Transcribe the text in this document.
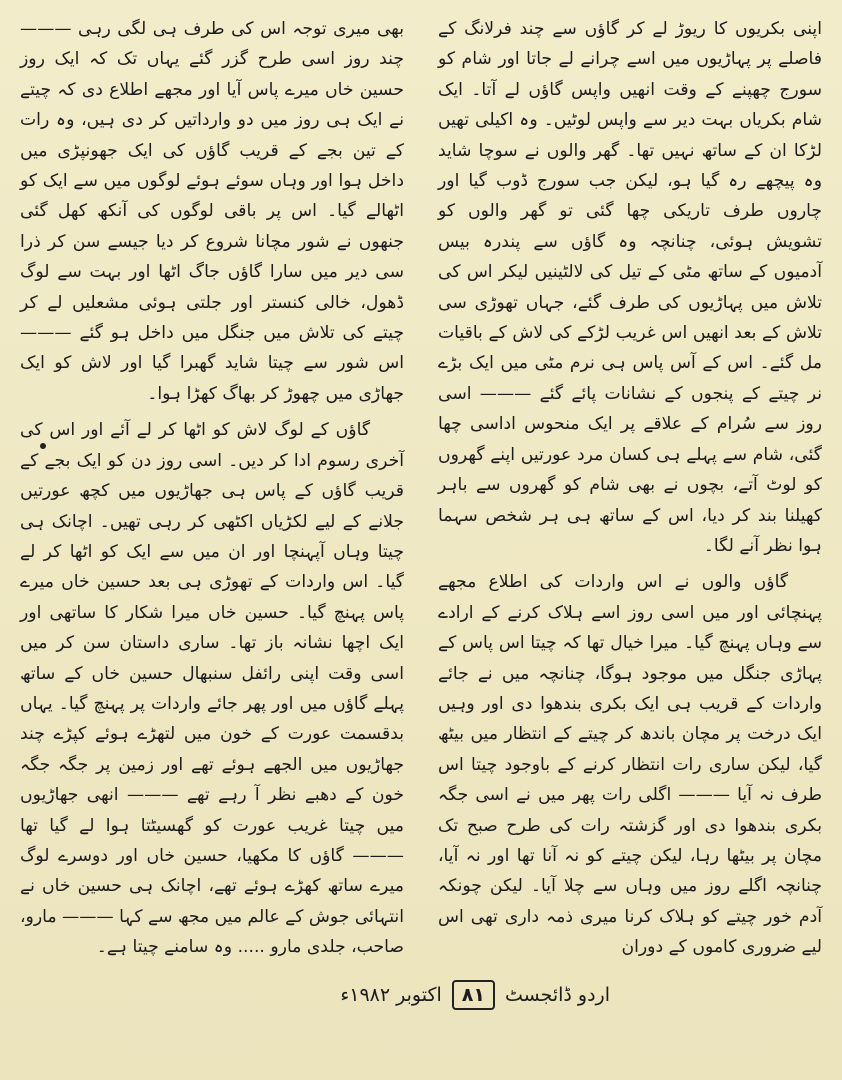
اپنی بکریوں کا ریوڑ لے کر گاؤں سے چند فرلانگ کے فاصلے پر پہاڑیوں میں اسے چرانے لے جاتا اور شام کو سورج چھپنے کے وقت انھیں واپس گاؤں لے آتا۔ ایک شام بکریاں بہت دیر سے واپس لوٹیں۔ وہ اکیلی تھیں لڑکا ان کے ساتھ نہیں تھا۔ گھر والوں نے سوچا شاید وہ پیچھے رہ گیا ہو، لیکن جب سورج ڈوب گیا اور چاروں طرف تاریکی چھا گئی تو گھر والوں کو تشویش ہوئی، چنانچہ وہ گاؤں سے پندرہ بیس آدمیوں کے ساتھ مٹی کے تیل کی لالٹینیں لیکر اس کی تلاش میں پہاڑیوں کی طرف گئے، جہاں تھوڑی سی تلاش کے بعد انھیں اس غریب لڑکے کی لاش کے باقیات مل گئے۔ اس کے آس پاس ہی نرم مٹی میں ایک بڑے نر چیتے کے پنجوں کے نشانات پائے گئے ——— اسی روز سے سُرام کے علاقے پر ایک منحوس اداسی چھا گئی، شام سے پہلے ہی کسان مرد عورتیں اپنے گھروں کو لوٹ آتے، بچوں نے بھی شام کو گھروں سے باہر کھیلنا بند کر دیا، اس کے ساتھ ہی ہر شخص سہما ہوا نظر آنے لگا۔

گاؤں والوں نے اس واردات کی اطلاع مجھے پہنچائی اور میں اسی روز اسے ہلاک کرنے کے ارادے سے وہاں پہنچ گیا۔ میرا خیال تھا کہ چیتا اس پاس کے پہاڑی جنگل میں موجود ہوگا، چنانچہ میں نے جائے واردات کے قریب ہی ایک بکری بندھوا دی اور وہیں ایک درخت پر مچان باندھ کر چیتے کے انتظار میں بیٹھ گیا، لیکن ساری رات انتظار کرنے کے باوجود چیتا اس طرف نہ آیا ——— اگلی رات پھر میں نے اسی جگہ بکری بندھوا دی اور گزشتہ رات کی طرح صبح تک مچان پر بیٹھا رہا، لیکن چیتے کو نہ آنا تھا اور نہ آیا، چنانچہ اگلے روز میں وہاں سے چلا آیا۔ لیکن چونکہ آدم خور چیتے کو ہلاک کرنا میری ذمہ داری تھی اس لیے ضروری کاموں کے دوران

بھی میری توجہ اس کی طرف ہی لگی رہی ——— چند روز اسی طرح گزر گئے یہاں تک کہ ایک روز حسین خاں میرے پاس آیا اور مجھے اطلاع دی کہ چیتے نے ایک ہی روز میں دو وارداتیں کر دی ہیں، وہ رات کے تین بجے کے قریب گاؤں کی ایک جھونپڑی میں داخل ہوا اور وہاں سوئے ہوئے لوگوں میں سے ایک کو اٹھالے گیا۔ اس پر باقی لوگوں کی آنکھ کھل گئی جنھوں نے شور مچانا شروع کر دیا جیسے سن کر ذرا سی دیر میں سارا گاؤں جاگ اٹھا اور بہت سے لوگ ڈھول، خالی کنستر اور جلتی ہوئی مشعلیں لے کر چیتے کی تلاش میں جنگل میں داخل ہو گئے ——— اس شور سے چیتا شاید گھبرا گیا اور لاش کو ایک جھاڑی میں چھوڑ کر بھاگ کھڑا ہوا۔

گاؤں کے لوگ لاش کو اٹھا کر لے آئے اور اس کی آخری رسوم ادا کر دیں۔ اسی روز دن کو ایک بجے کے قریب گاؤں کے پاس ہی جھاڑیوں میں کچھ عورتیں جلانے کے لیے لکڑیاں اکٹھی کر رہی تھیں۔ اچانک ہی چیتا وہاں آپہنچا اور ان میں سے ایک کو اٹھا کر لے گیا۔ اس واردات کے تھوڑی ہی بعد حسین خاں میرے پاس پہنچ گیا۔ حسین خاں میرا شکار کا ساتھی اور ایک اچھا نشانہ باز تھا۔ ساری داستان سن کر میں اسی وقت اپنی رائفل سنبھال حسین خاں کے ساتھ پہلے گاؤں میں اور پھر جائے واردات پر پہنچ گیا۔ یہاں بدقسمت عورت کے خون میں لتھڑے ہوئے کپڑے چند جھاڑیوں میں الجھے ہوئے تھے اور زمین پر جگہ جگہ خون کے دھبے نظر آ رہے تھے ——— انھی جھاڑیوں میں چیتا غریب عورت کو گھسیٹتا ہوا لے گیا تھا ——— گاؤں کا مکھیا، حسین خاں اور دوسرے لوگ میرے ساتھ کھڑے ہوئے تھے، اچانک ہی حسین خاں نے انتہائی جوش کے عالم میں مجھ سے کہا ——— مارو، صاحب، جلدی مارو ..... وہ سامنے چیتا ہے۔

اردو ڈائجسٹ
۸۱
اکتوبر ۱۹۸۲ء
